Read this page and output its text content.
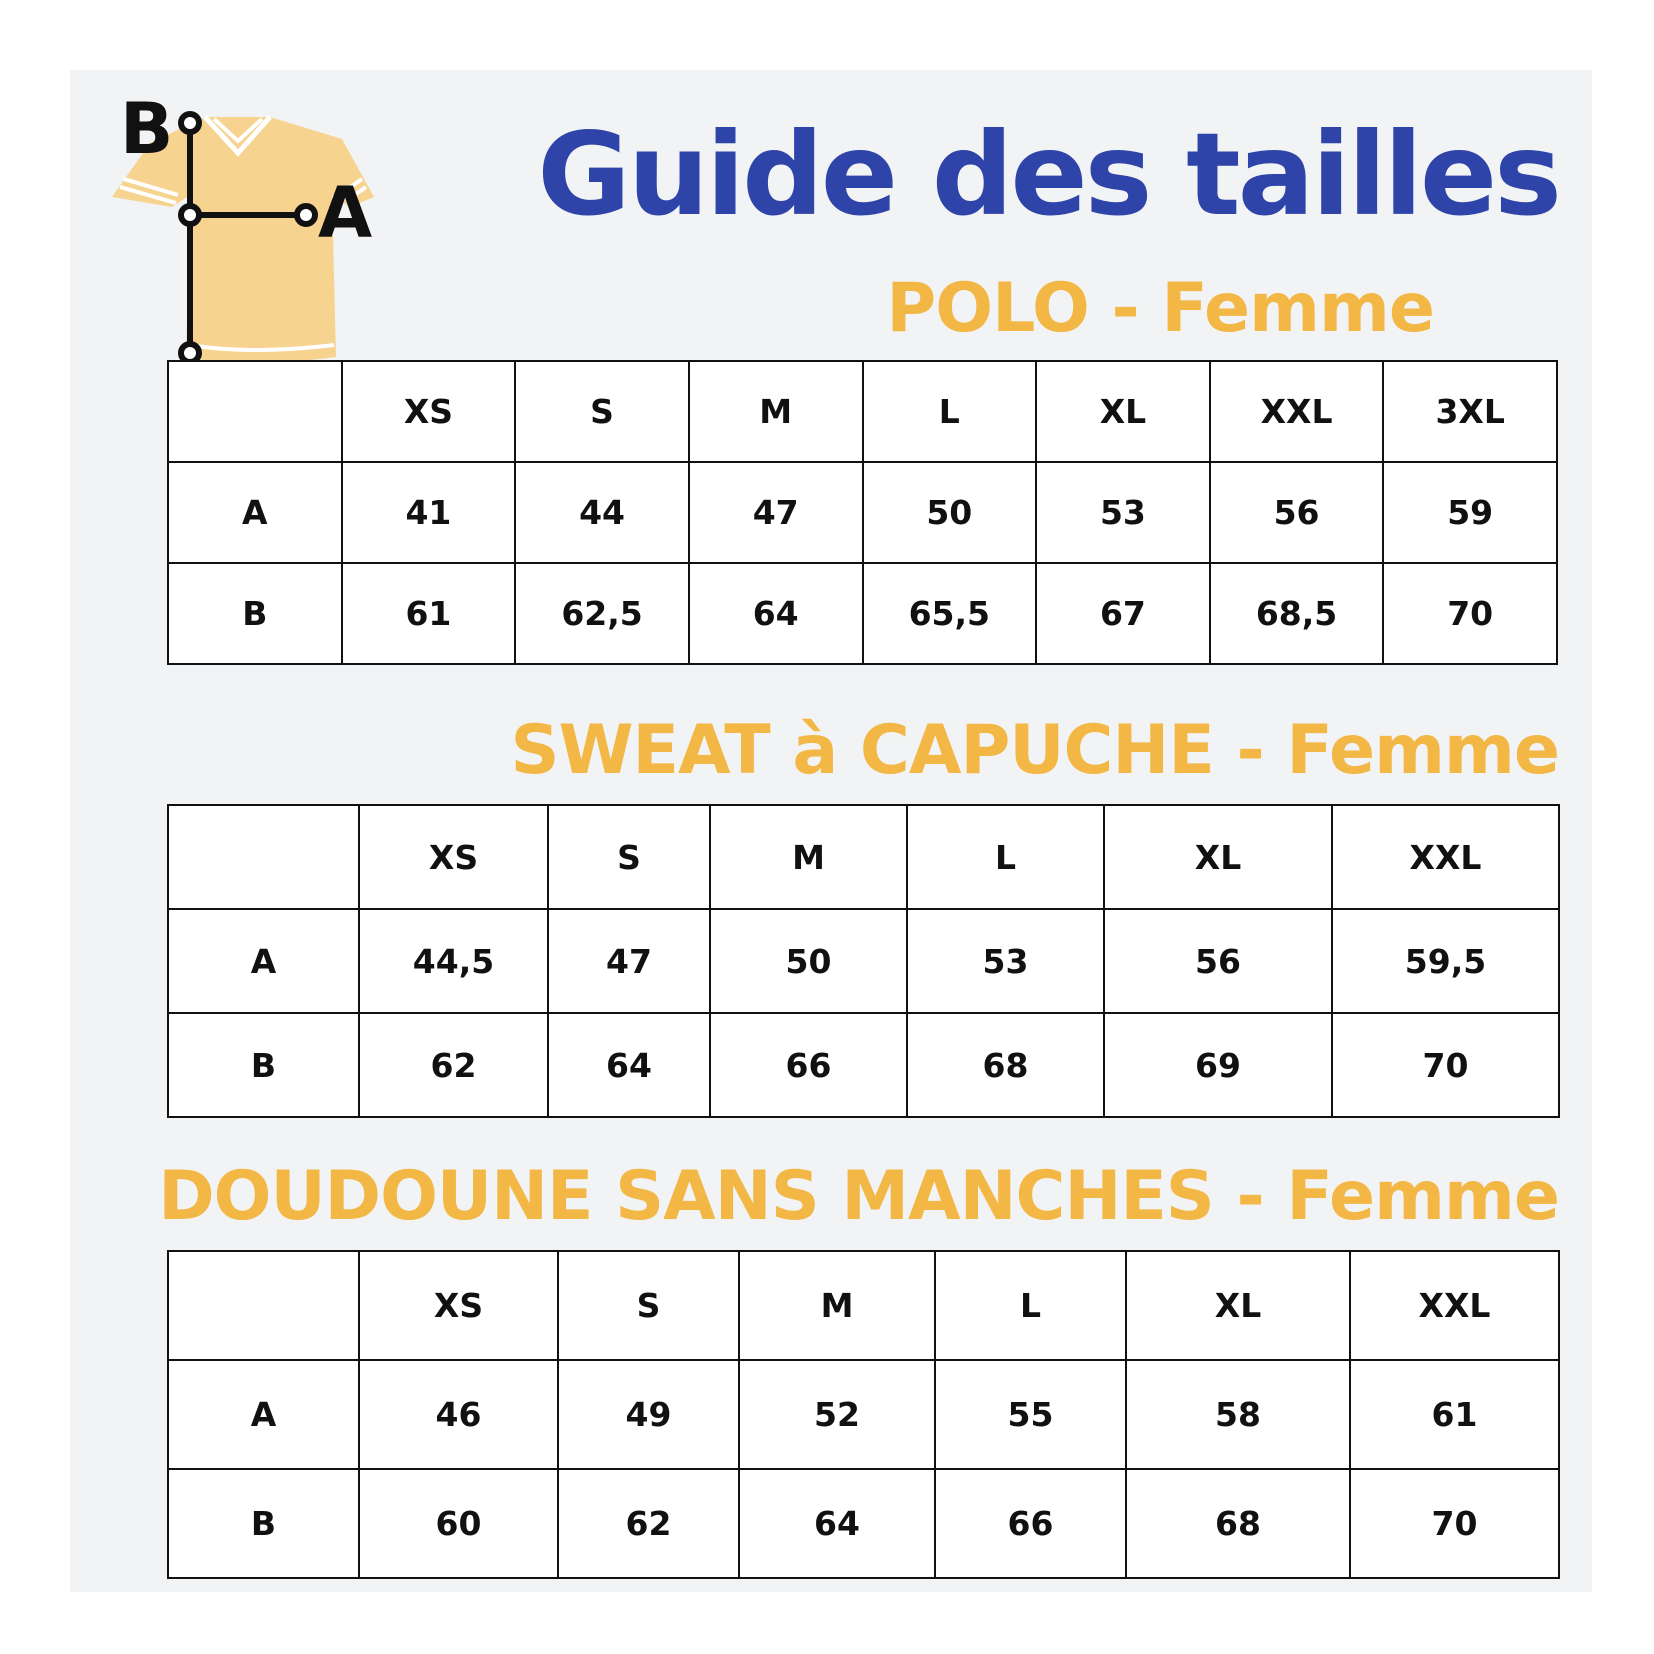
B
A Guide des tailles
POLO - Femme
	XS	S	M	L	XL	XXL	3XL
A	41	44	47	50	53	56	59
B	61	62,5	64	65,5	67	68,5	70
SWEAT à CAPUCHE - Femme
	XS	S	M	L	XL	XXL
A	44,5	47	50	53	56	59,5
B	62	64	66	68	69	70
DOUDOUNE SANS MANCHES - Femme
	XS	S	M	L	XL	XXL
A	46	49	52	55	58	61
B	60	62	64	66	68	70
